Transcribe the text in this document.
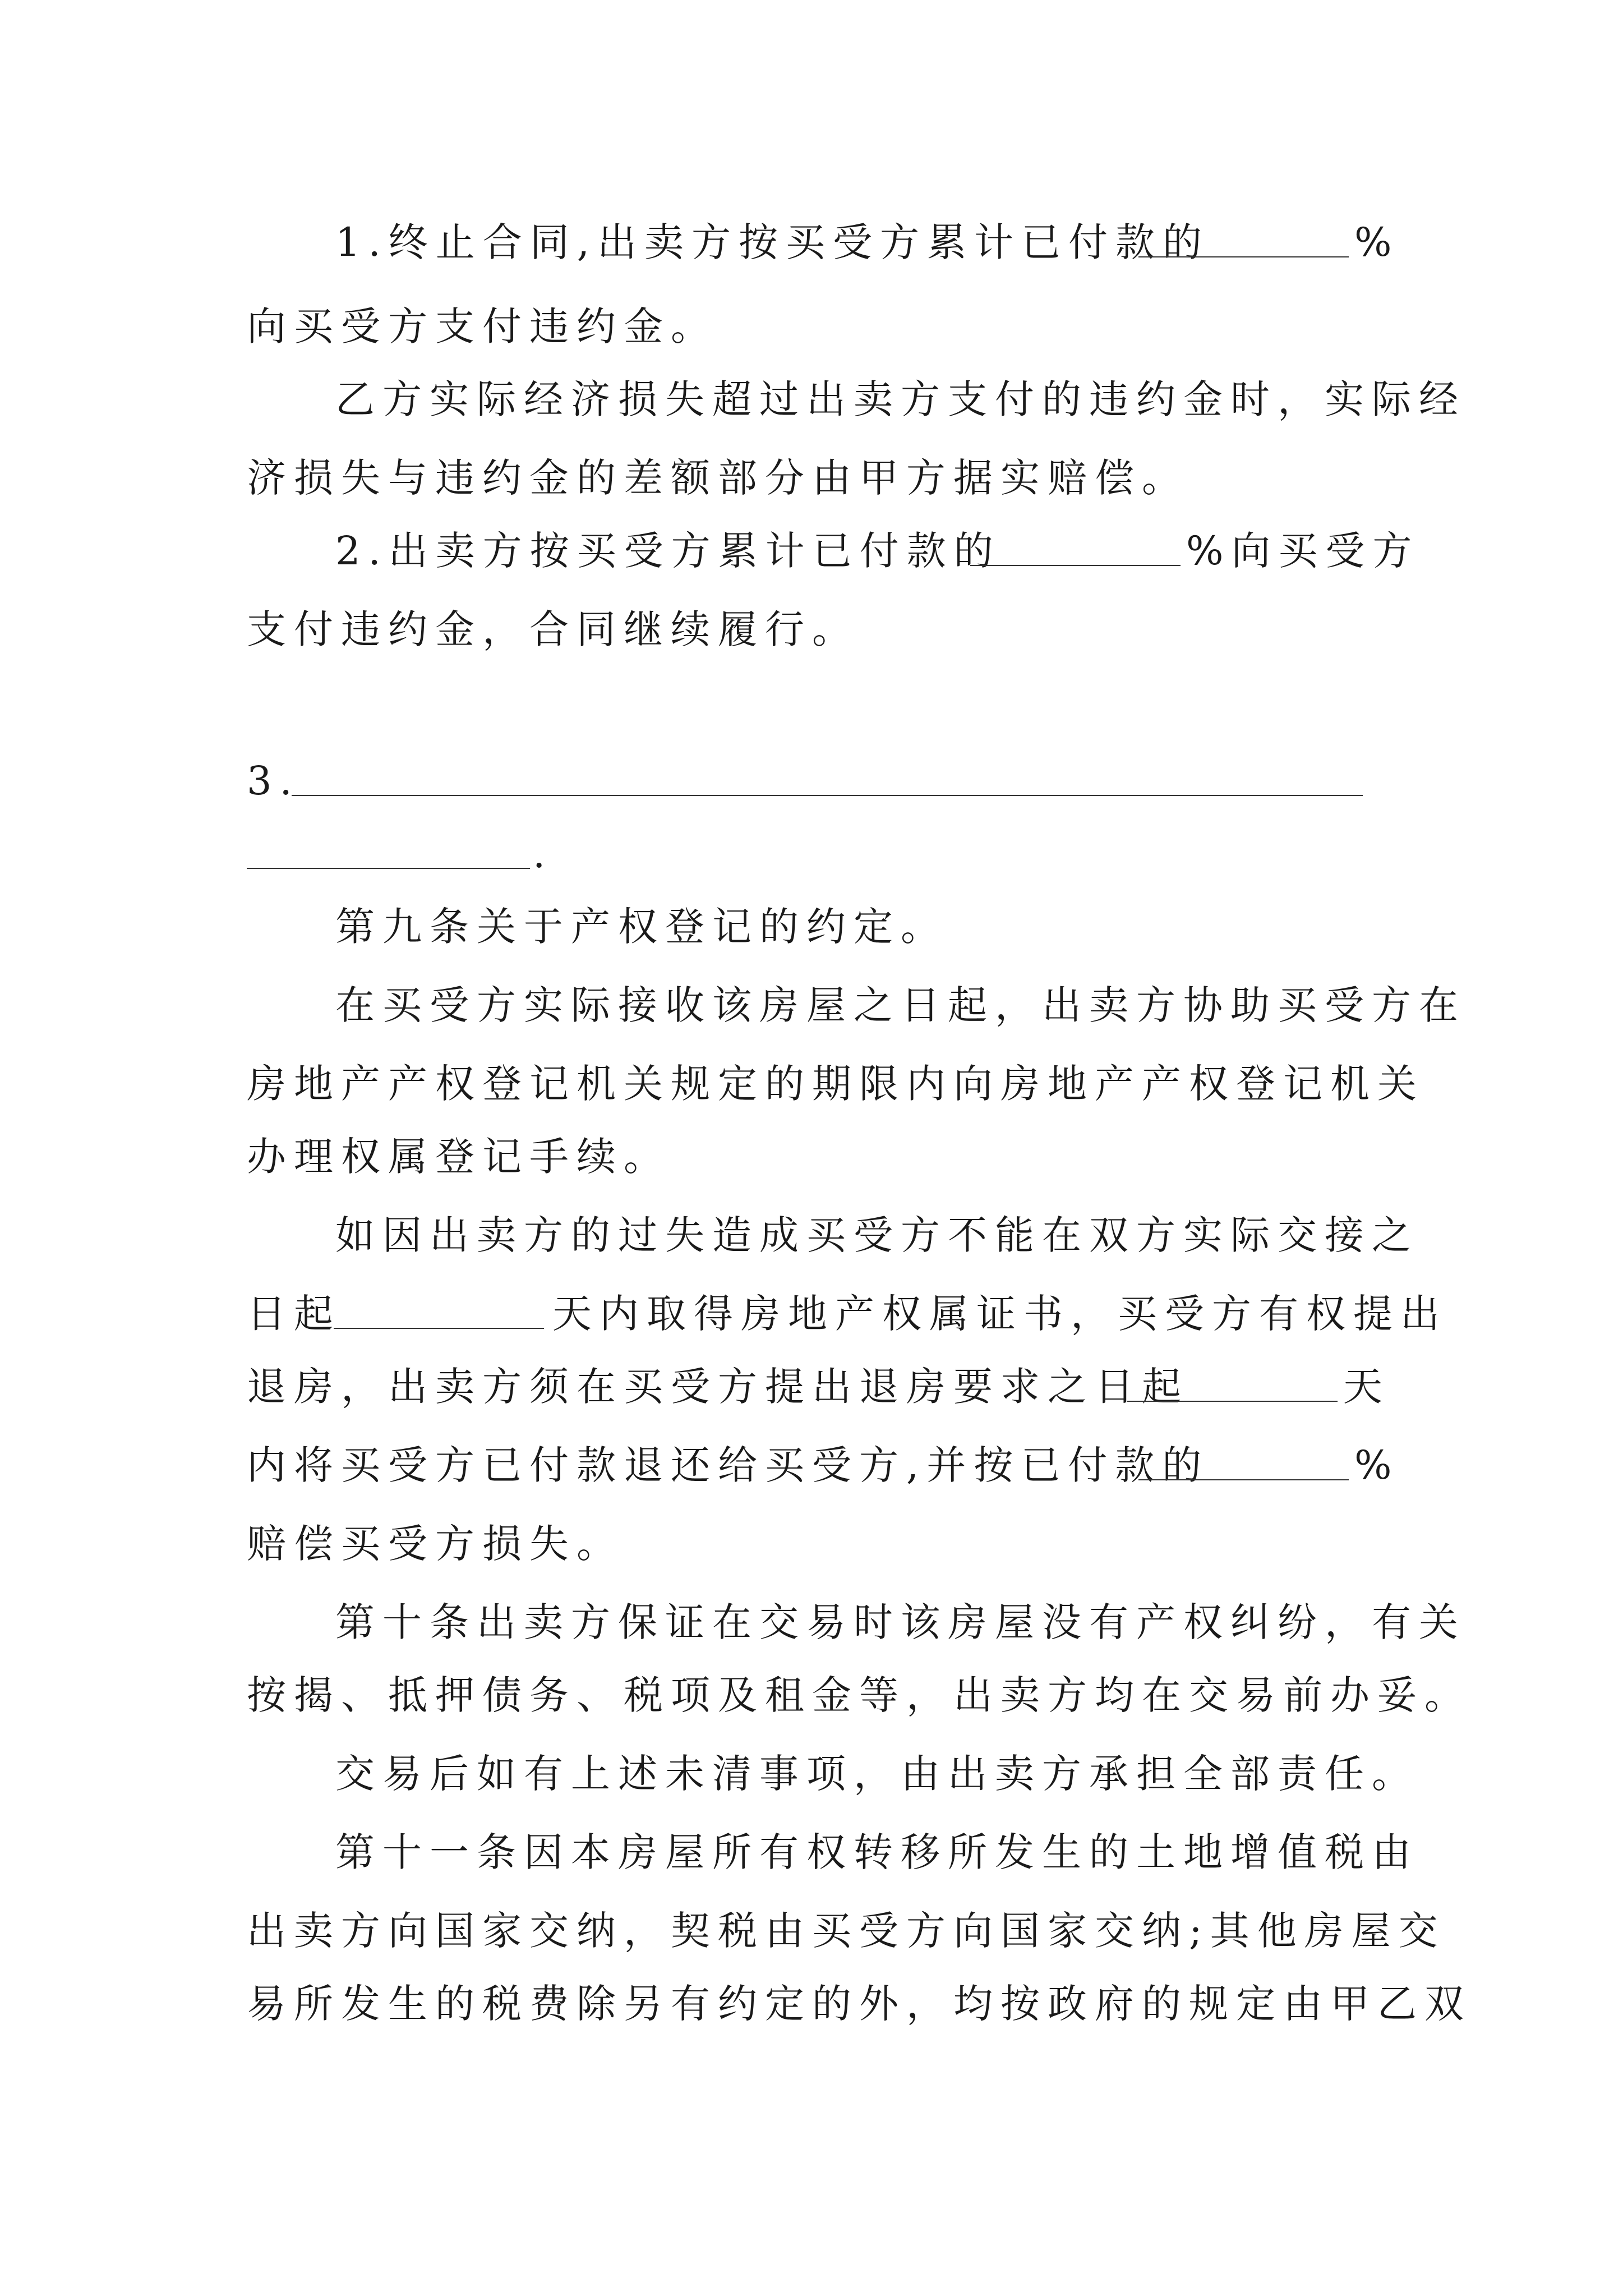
1.终止合同,出卖方按买受方累计已付款的	%
向买受方支付违约金。
乙方实际经济损失超过出卖方支付的违约金时，实际经
济损失与违约金的差额部分由甲方据实赔偿。
2.出卖方按买受方累计已付款的	%向买受方
支付违约金，合同继续履行。
3.
.
第九条关于产权登记的约定。
在买受方实际接收该房屋之日起，出卖方协助买受方在
房地产产权登记机关规定的期限内向房地产产权登记机关
办理权属登记手续。
如因出卖方的过失造成买受方不能在双方实际交接之
日起	天内取得房地产权属证书，买受方有权提出
退房，出卖方须在买受方提出退房要求之日起	天
内将买受方已付款退还给买受方,并按已付款的	%
赔偿买受方损失。
第十条出卖方保证在交易时该房屋没有产权纠纷，有关
按揭、抵押债务、税项及租金等，出卖方均在交易前办妥。
交易后如有上述未清事项，由出卖方承担全部责任。
第十一条因本房屋所有权转移所发生的土地增值税由
出卖方向国家交纳，契税由买受方向国家交纳;其他房屋交
易所发生的税费除另有约定的外，均按政府的规定由甲乙双
